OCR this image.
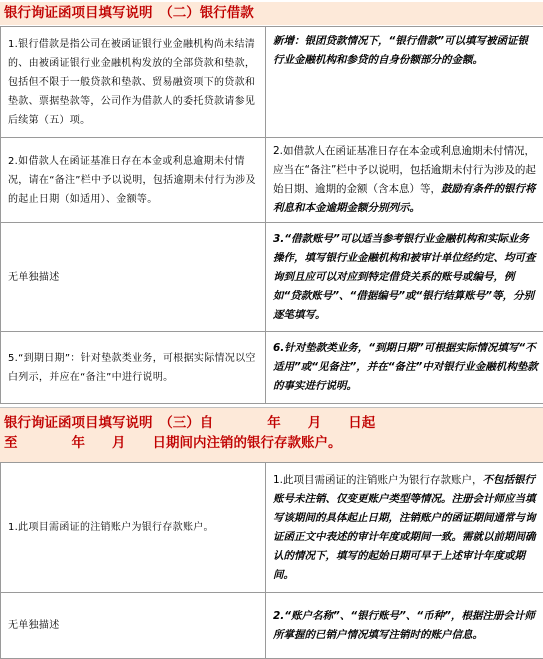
银行询证函项目填写说明　（二）银行借款
1.银行借款是指公司在被函证银行业金融机构尚未结清的、由被函证银行业金融机构发放的全部贷款和垫款，包括但不限于一般贷款和垫款、贸易融资项下的贷款和垫款、票据垫款等，公司作为借款人的委托贷款请参见后续第（五）项。	新增：银团贷款情况下，“银行借款”可以填写被函证银行业金融机构和参贷的自身份额部分的金额。

2.如借款人在函证基准日存在本金或利息逾期未付情况，请在“备注”栏中予以说明，包括逾期未付行为涉及的起止日期（如适用）、金额等。	2.如借款人在函证基准日存在本金或利息逾期未付情况，应当在“备注”栏中予以说明，包括逾期未付行为涉及的起始日期、逾期的金额（含本息）等，鼓励有条件的银行将利息和本金逾期金额分别列示。

无单独描述	3.“借款账号”可以适当参考银行业金融机构和实际业务操作，填写银行业金融机构和被审计单位经约定、均可查询到且应可以对应到特定借贷关系的账号或编号，例如“贷款账号”、“借据编号”或“银行结算账号”等，分别逐笔填写。

5.“到期日期”：针对垫款类业务，可根据实际情况以空白列示，并应在“备注”中进行说明。	6.针对垫款类业务，“到期日期”可根据实际情况填写“不适用”或“见备注”，并在“备注”中对银行业金融机构垫款的事实进行说明。
银行询证函项目填写说明　（三）自　　　　年　　月　　日起
至　　　　年　　月　　日期间内注销的银行存款账户。
1.此项目需函证的注销账户为银行存款账户。	1.此项目需函证的注销账户为银行存款账户，不包括银行账号未注销、仅变更账户类型等情况。注册会计师应当填写该期间的具体起止日期，注销账户的函证期间通常与询证函正文中表述的审计年度或期间一致。需就以前期间确认的情况下，填写的起始日期可早于上述审计年度或期间。

无单独描述	2.“账户名称”、“银行账号”、“币种”，根据注册会计师所掌握的已销户情况填写注销时的账户信息。
